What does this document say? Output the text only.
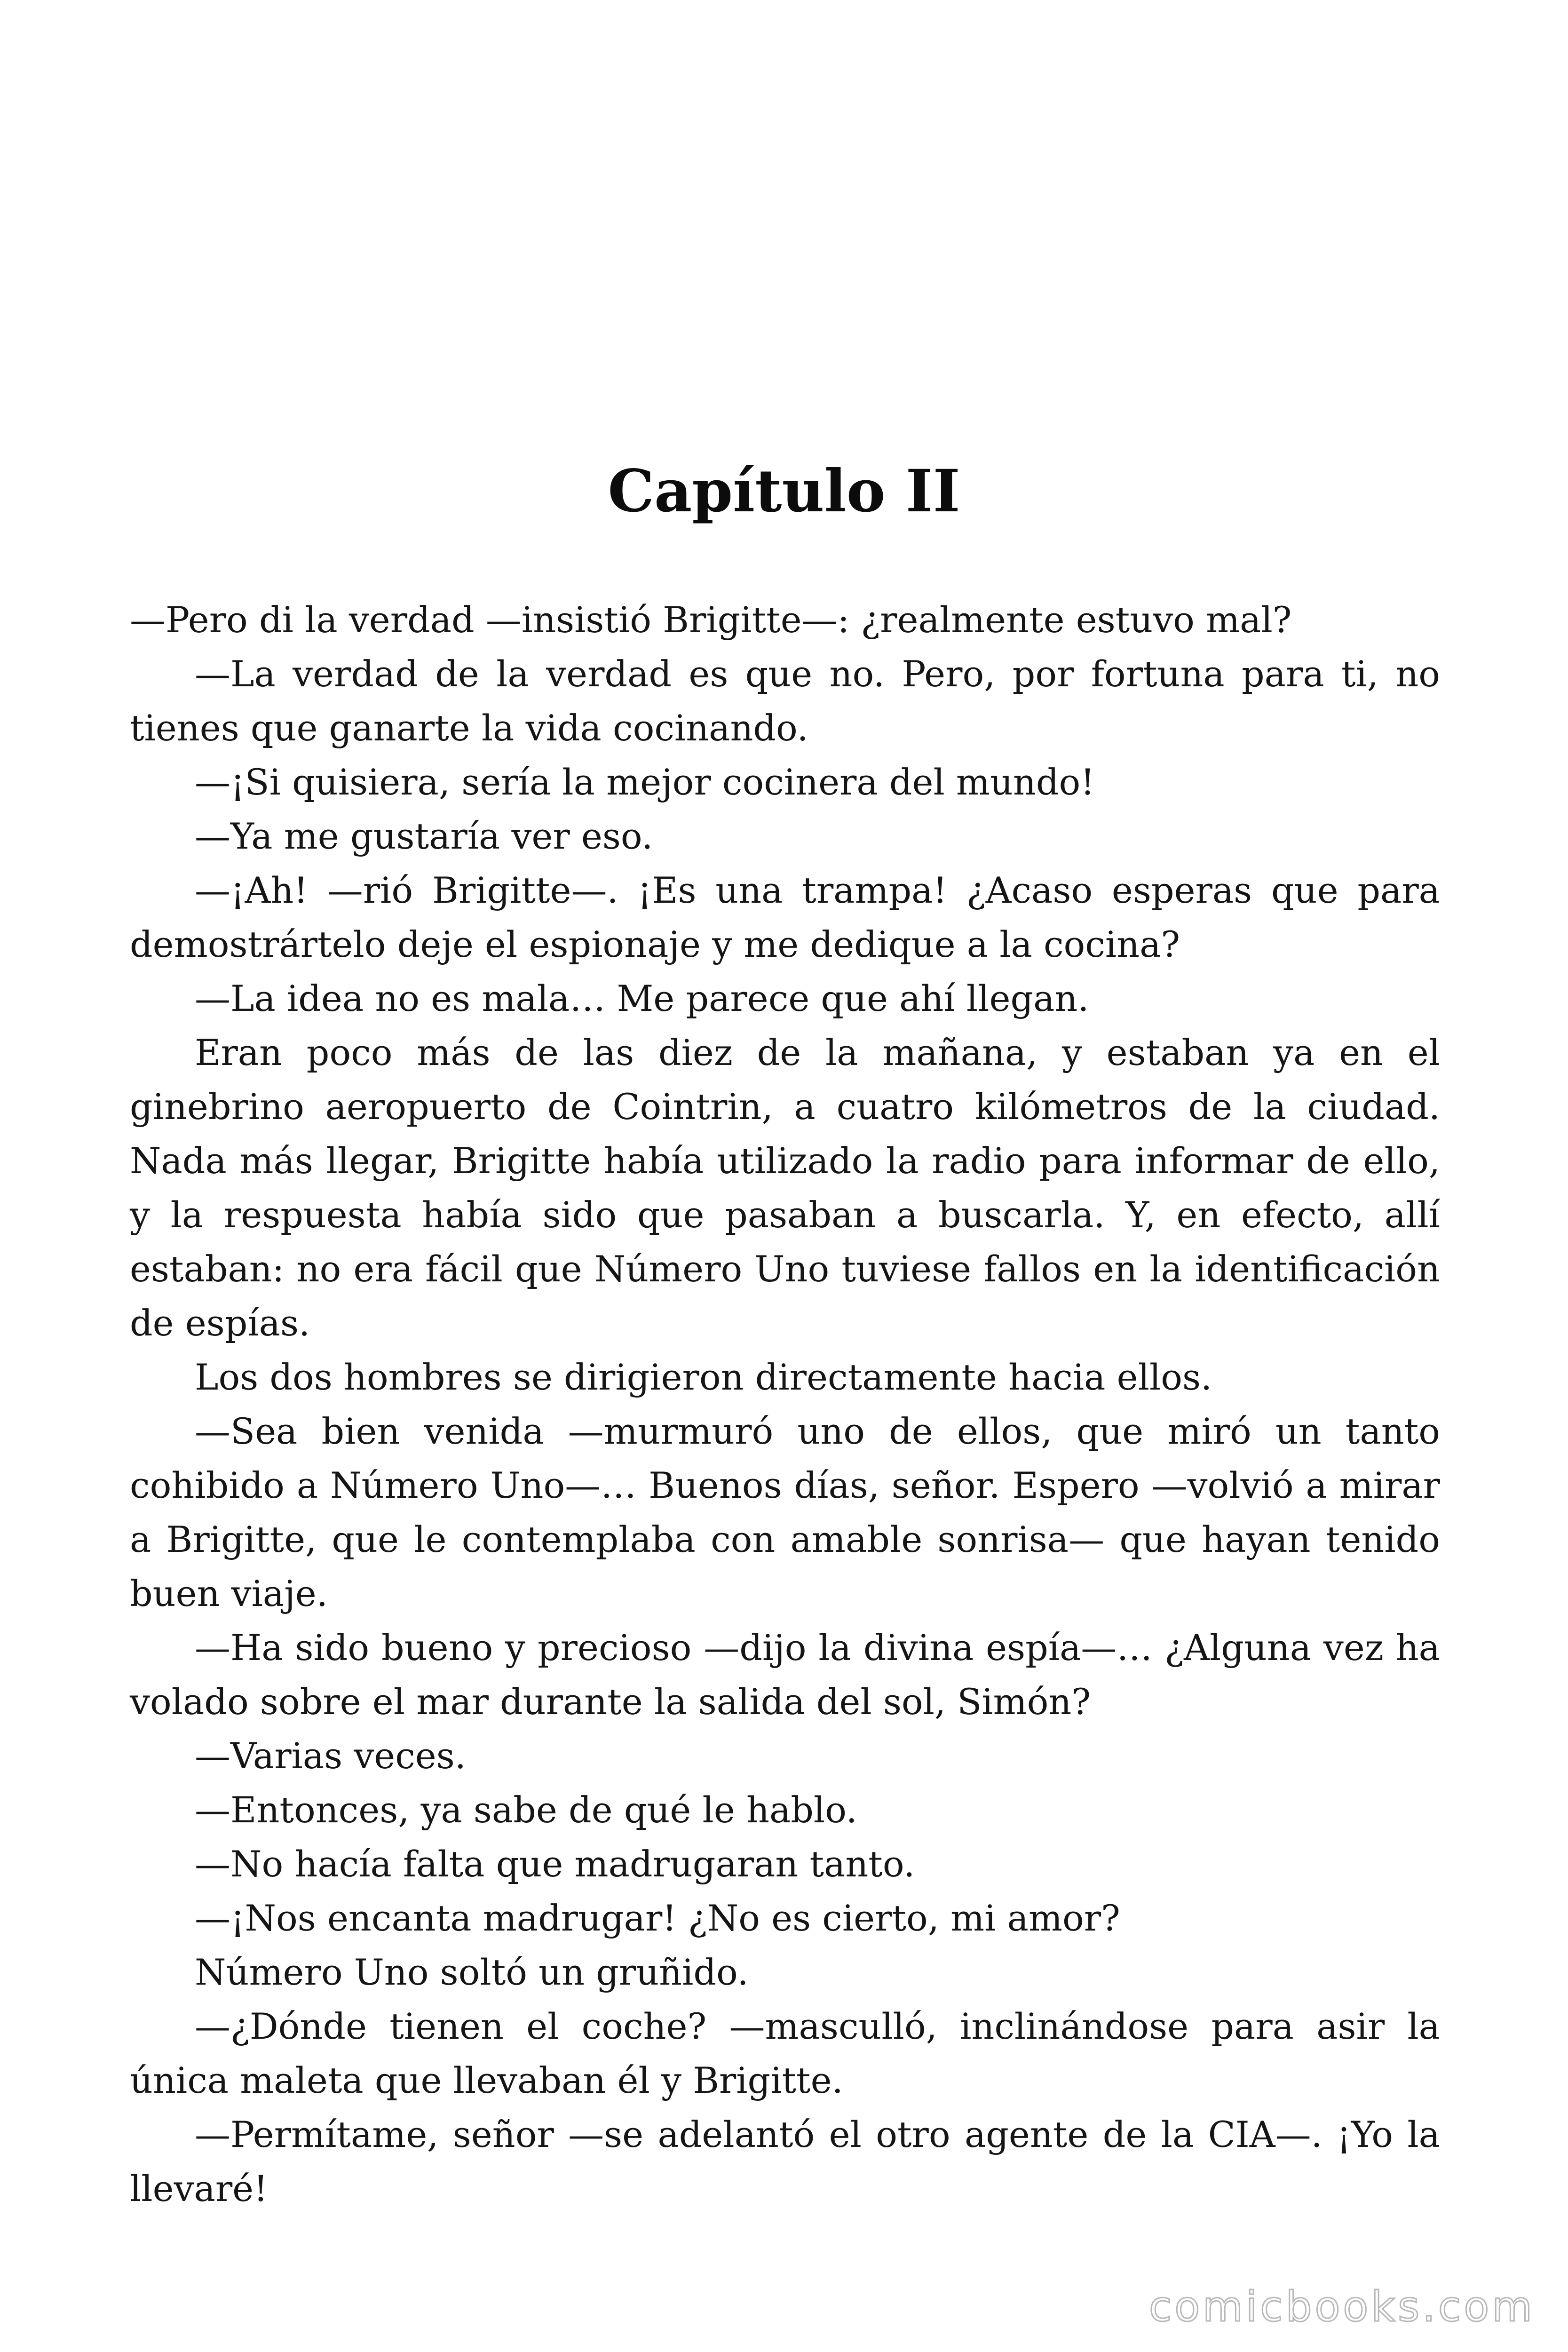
Capítulo II

—Pero di la verdad —insistió Brigitte—: ¿realmente estuvo mal?

—La verdad de la verdad es que no. Pero, por fortuna para ti, no tienes que ganarte la vida cocinando.

—¡Si quisiera, sería la mejor cocinera del mundo!

—Ya me gustaría ver eso.

—¡Ah! —rió Brigitte—. ¡Es una trampa! ¿Acaso esperas que para demostrártelo deje el espionaje y me dedique a la cocina?

—La idea no es mala… Me parece que ahí llegan.

Eran poco más de las diez de la mañana, y estaban ya en el ginebrino aeropuerto de Cointrin, a cuatro kilómetros de la ciudad. Nada más llegar, Brigitte había utilizado la radio para informar de ello, y la respuesta había sido que pasaban a buscarla. Y, en efecto, allí estaban: no era fácil que Número Uno tuviese fallos en la identificación de espías.

Los dos hombres se dirigieron directamente hacia ellos.

—Sea bien venida —murmuró uno de ellos, que miró un tanto cohibido a Número Uno—… Buenos días, señor. Espero —volvió a mirar a Brigitte, que le contemplaba con amable sonrisa— que hayan tenido buen viaje.

—Ha sido bueno y precioso —dijo la divina espía—… ¿Alguna vez ha volado sobre el mar durante la salida del sol, Simón?

—Varias veces.

—Entonces, ya sabe de qué le hablo.

—No hacía falta que madrugaran tanto.

—¡Nos encanta madrugar! ¿No es cierto, mi amor?

Número Uno soltó un gruñido.

—¿Dónde tienen el coche? —masculló, inclinándose para asir la única maleta que llevaban él y Brigitte.

—Permítame, señor —se adelantó el otro agente de la CIA—. ¡Yo la llevaré!

comicbooks.com
